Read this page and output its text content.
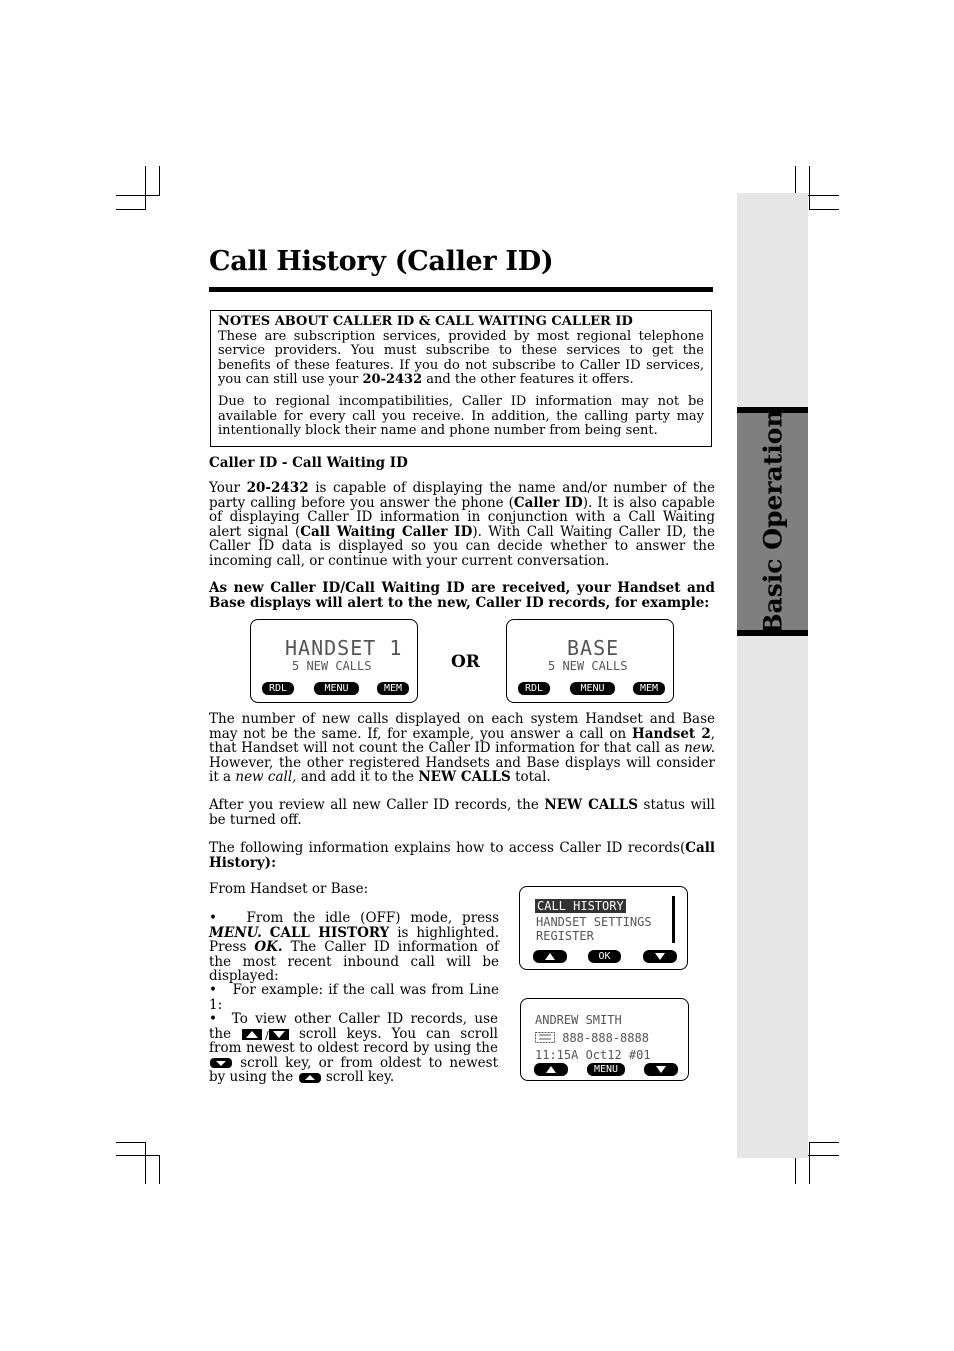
Basic Operation
Call History (Caller ID)

NOTES ABOUT CALLER ID & CALL WAITING CALLER ID

These are subscription services, provided by most regional telephone service providers. You must subscribe to these services to get the benefits of these features. If you do not subscribe to Caller ID services, you can still use your 20-2432 and the other features it offers.

Due to regional incompatibilities, Caller ID information may not be available for every call you receive. In addition, the calling party may intentionally block their name and phone number from being sent.

Caller ID - Call Waiting ID

Your 20-2432 is capable of displaying the name and/or number of the party calling before you answer the phone (Caller ID). It is also capable of displaying Caller ID information in conjunction with a Call Waiting alert signal (Call Waiting Caller ID). With Call Waiting Caller ID, the Caller ID data is displayed so you can decide whether to answer the incoming call, or continue with your current conversation.

As new Caller ID/Call Waiting ID are received, your Handset and Base displays will alert to the new, Caller ID records, for example:

HANDSET 1
5 NEW CALLS
RDL	MENU	MEM
OR
BASE
5 NEW CALLS
RDL	MENU	MEM

The number of new calls displayed on each system Handset and Base may not be the same. If, for example, you answer a call on Handset 2, that Handset will not count the Caller ID information for that call as new. However, the other registered Handsets and Base displays will consider it a new call, and add it to the NEW CALLS total.

After you review all new Caller ID records, the NEW CALLS status will be turned off.

The following information explains how to access Caller ID records(Call History):

From Handset or Base:

•   From the idle (OFF) mode, press MENU. CALL HISTORY is highlighted. Press OK. The Caller ID information of the most recent inbound call will be displayed:

•   For example: if the call was from Line 1:

•  To view other Caller ID records, use the / scroll keys. You can scroll from newest to oldest record by using the  scroll key, or from oldest to newest by using the  scroll key.

CALL HISTORY
HANDSET SETTINGS
REGISTER
OK
ANDREW SMITH
888-888-8888
11:15A Oct12 #01
MENU
